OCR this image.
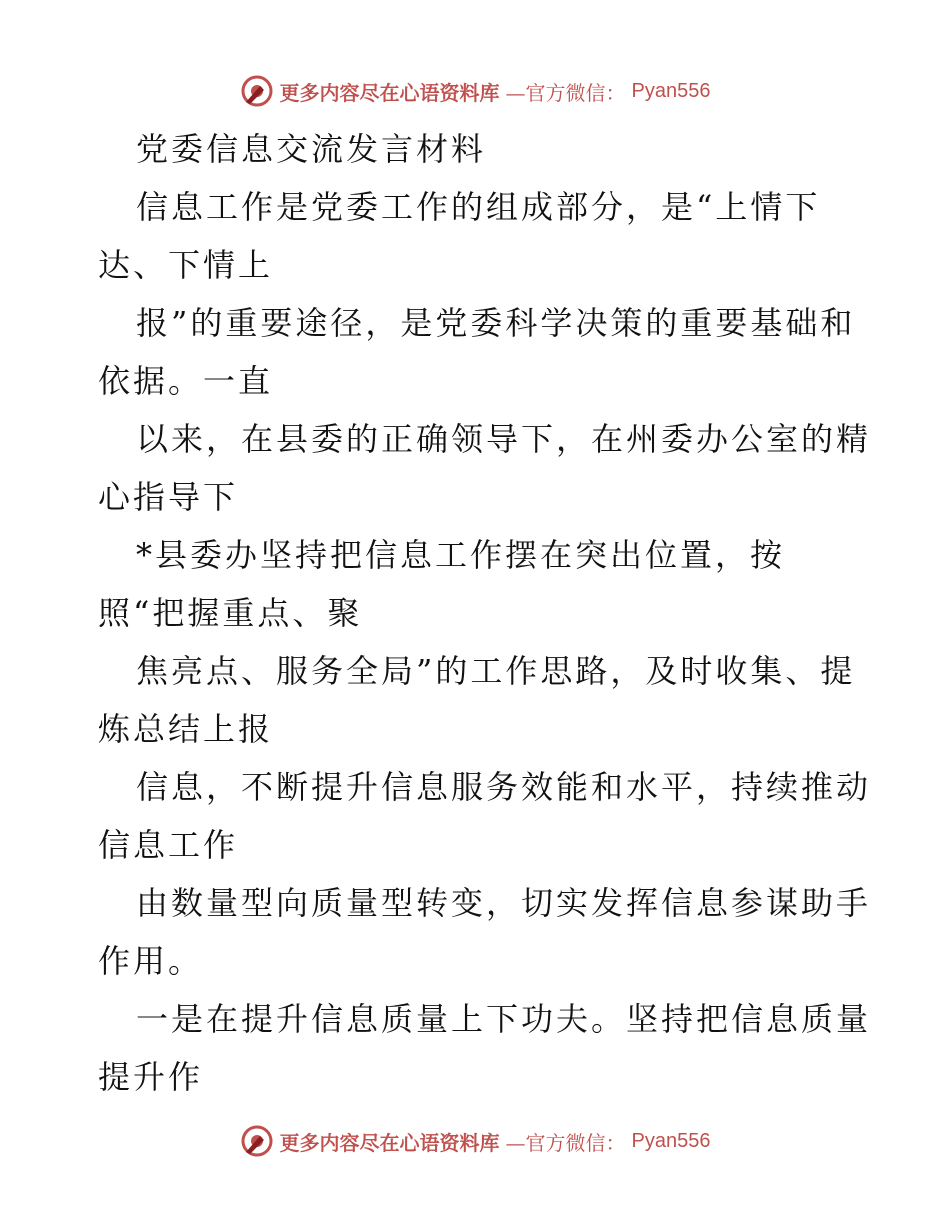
更多内容尽在心语资料库 —官方微信： Pyan556
党委信息交流发言材料
信息工作是党委工作的组成部分，是“上情下
达、下情上
报”的重要途径，是党委科学决策的重要基础和
依据。一直
以来，在县委的正确领导下，在州委办公室的精
心指导下
*县委办坚持把信息工作摆在突出位置，按
照“把握重点、聚
焦亮点、服务全局”的工作思路，及时收集、提
炼总结上报
信息，不断提升信息服务效能和水平，持续推动
信息工作
由数量型向质量型转变，切实发挥信息参谋助手
作用。
一是在提升信息质量上下功夫。坚持把信息质量
提升作
更多内容尽在心语资料库 —官方微信： Pyan556
